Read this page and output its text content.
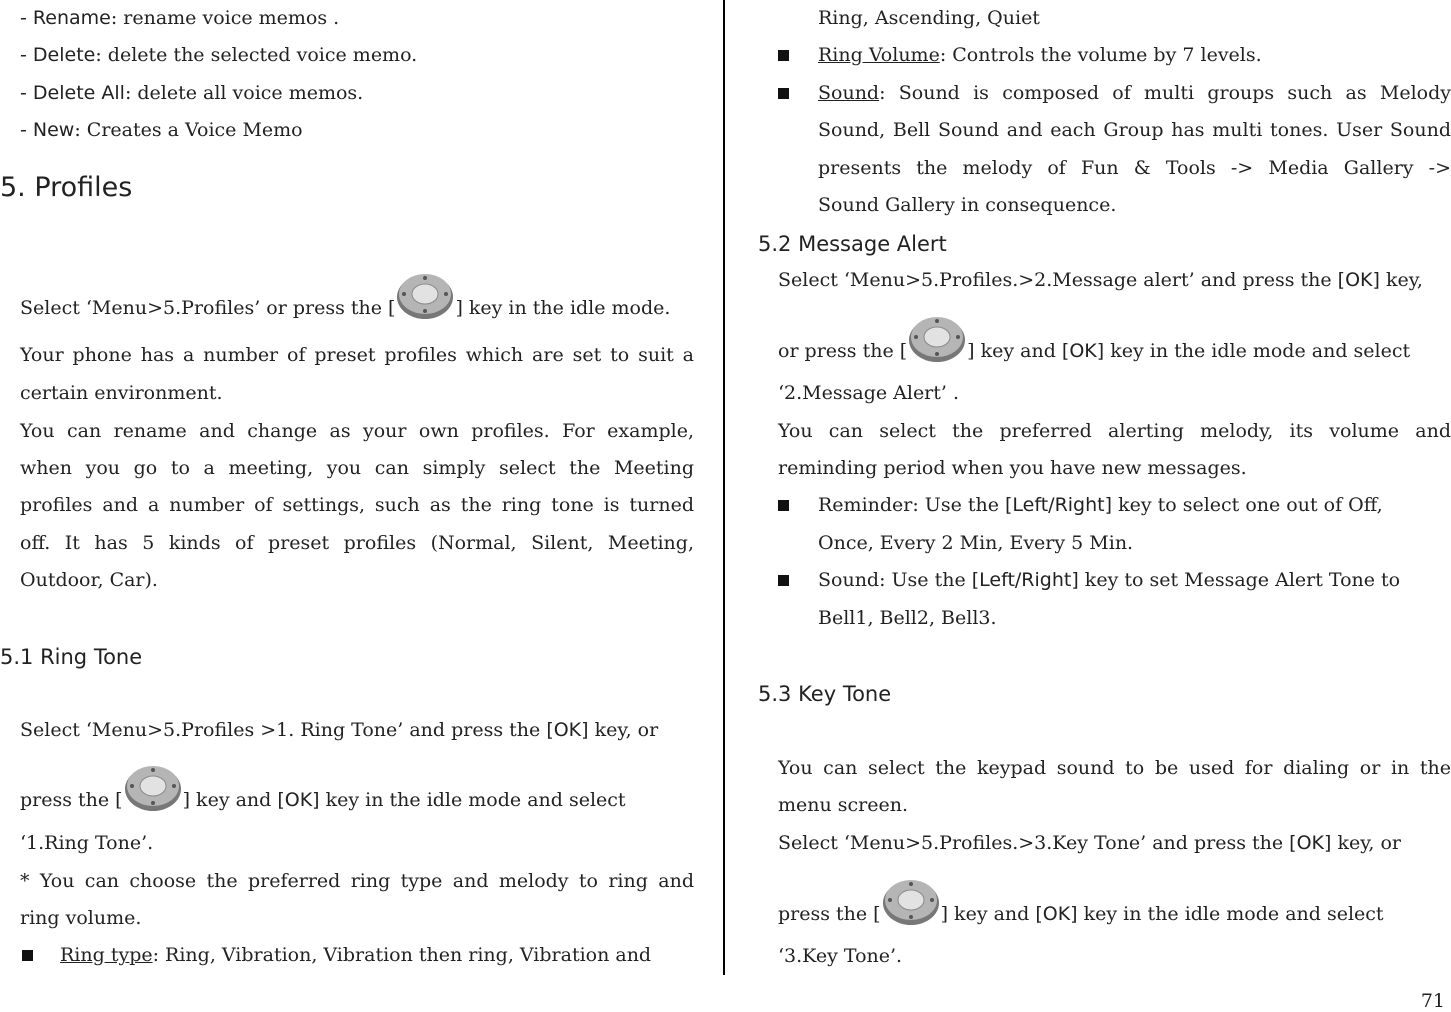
- Rename: rename voice memos .
- Delete: delete the selected voice memo.
- Delete All: delete all voice memos.
- New: Creates a Voice Memo
5. Profiles
Select ‘Menu>5.Profiles’ or press the [	] key in the idle mode.
Your phone has a number of preset profiles which are set to suit a
certain environment.
You can rename and change as your own profiles. For example,
when you go to a meeting, you can simply select the Meeting
profiles and a number of settings, such as the ring tone is turned
off. It has 5 kinds of preset profiles (Normal, Silent, Meeting,
Outdoor, Car).
5.1 Ring Tone
Select ‘Menu>5.Profiles >1. Ring Tone’ and press the [OK] key, or
press the [	] key and [OK] key in the idle mode and select
‘1.Ring Tone’.
* You can choose the preferred ring type and melody to ring and
ring volume.
Ring type: Ring, Vibration, Vibration then ring, Vibration and
Ring, Ascending, Quiet
Ring Volume: Controls the volume by 7 levels.
Sound: Sound is composed of multi groups such as Melody
Sound, Bell Sound and each Group has multi tones. User Sound
presents the melody of Fun & Tools -> Media Gallery ->
Sound Gallery in consequence.
5.2 Message Alert
Select ‘Menu>5.Profiles.>2.Message alert’ and press the [OK] key,
or press the [	] key and [OK] key in the idle mode and select
‘2.Message Alert’ .
You can select the preferred alerting melody, its volume and
reminding period when you have new messages.
Reminder: Use the [Left/Right] key to select one out of Off,
Once, Every 2 Min, Every 5 Min.
Sound: Use the [Left/Right] key to set Message Alert Tone to
Bell1, Bell2, Bell3.
5.3 Key Tone
You can select the keypad sound to be used for dialing or in the
menu screen.
Select ‘Menu>5.Profiles.>3.Key Tone’ and press the [OK] key, or
press the [	] key and [OK] key in the idle mode and select
‘3.Key Tone’.
71
